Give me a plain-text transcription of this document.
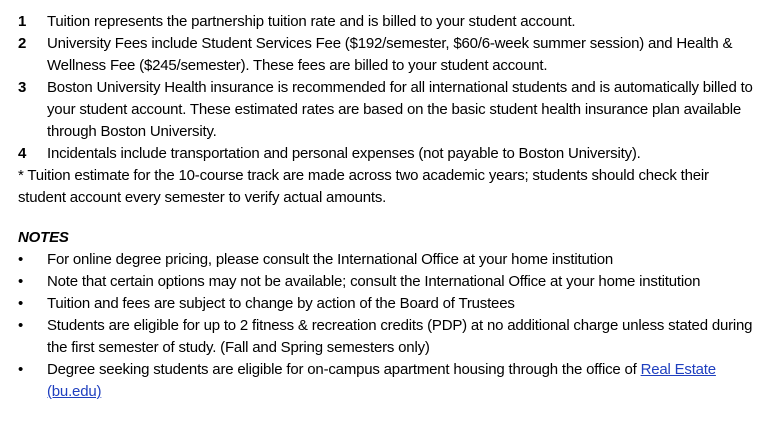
1	Tuition represents the partnership tuition rate and is billed to your student account.
2	University Fees include Student Services Fee ($192/semester, $60/6-week summer session) and Health & Wellness Fee ($245/semester). These fees are billed to your student account.
3	Boston University Health insurance is recommended for all international students and is automatically billed to your student account. These estimated rates are based on the basic student health insurance plan available through Boston University.
4	Incidentals include transportation and personal expenses (not payable to Boston University).

* Tuition estimate for the 10-course track are made across two academic years; students should check their student account every semester to verify actual amounts.

NOTES
•	For online degree pricing, please consult the International Office at your home institution
•	Note that certain options may not be available; consult the International Office at your home institution
•	Tuition and fees are subject to change by action of the Board of Trustees
•	Students are eligible for up to 2 fitness & recreation credits (PDP) at no additional charge unless stated during the first semester of study. (Fall and Spring semesters only)
•	Degree seeking students are eligible for on-campus apartment housing through the office of Real Estate (bu.edu)
